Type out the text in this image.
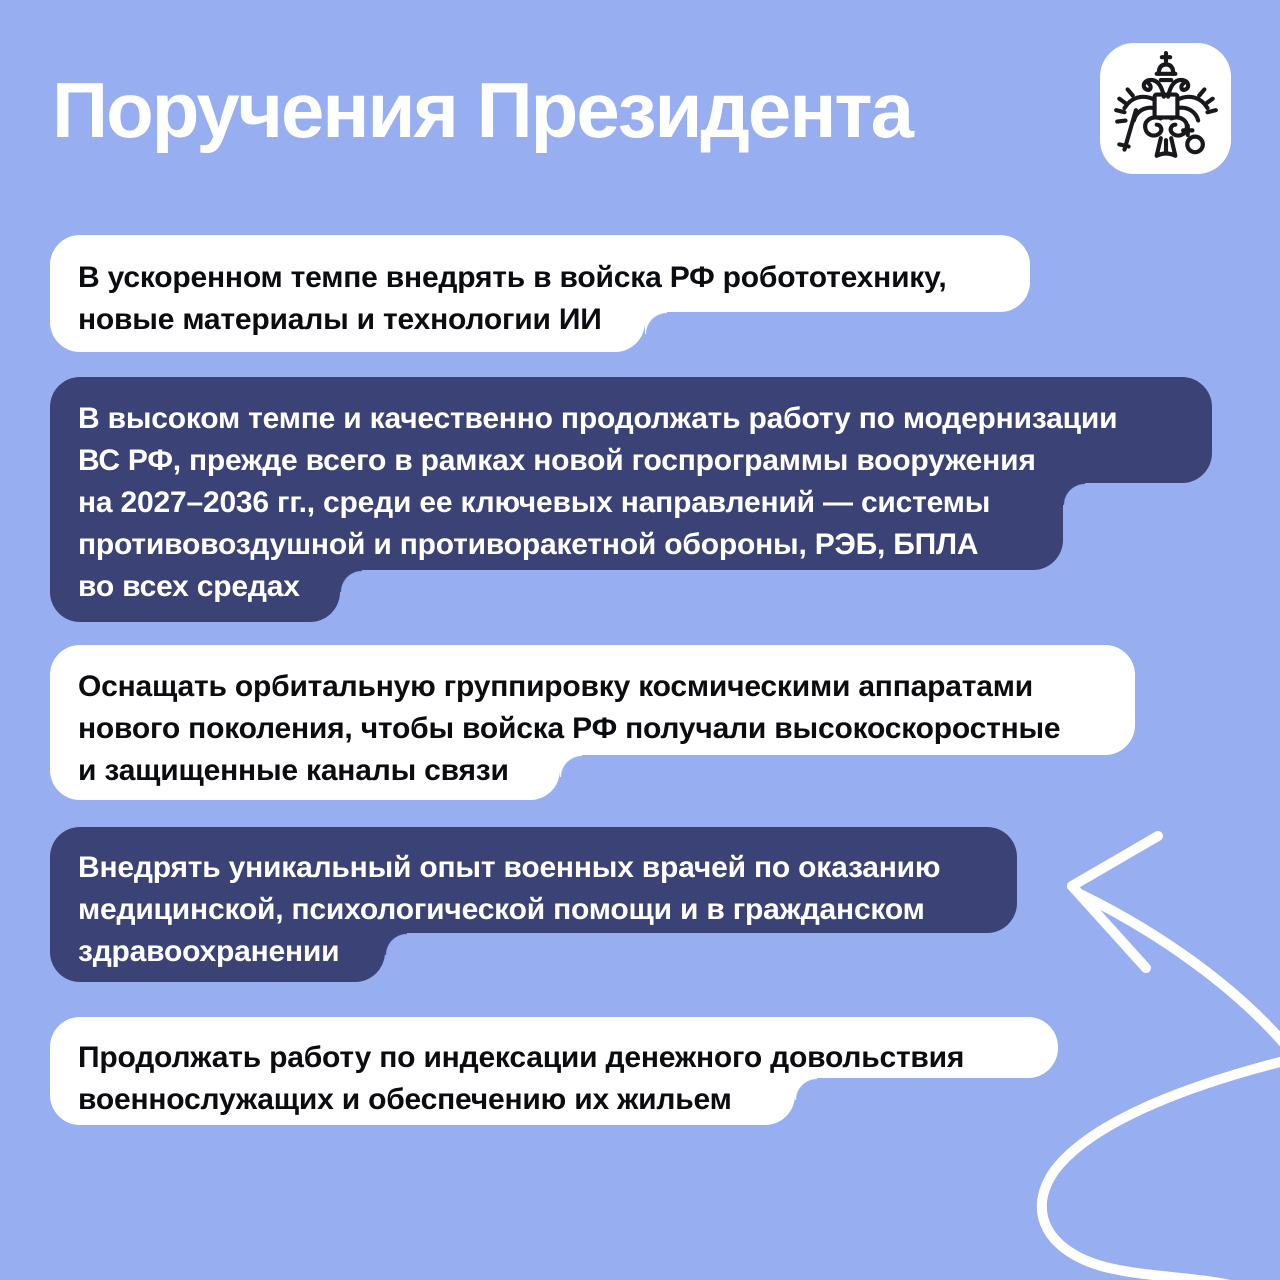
Поручения Президента
В ускоренном темпе внедрять в войска РФ робототехнику,
новые материалы и технологии ИИ
В высоком темпе и качественно продолжать работу по модернизации
ВС РФ, прежде всего в рамках новой госпрограммы вооружения
на 2027–2036 гг., среди ее ключевых направлений — системы
противовоздушной и противоракетной обороны, РЭБ, БПЛА
во всех средах
Оснащать орбитальную группировку космическими аппаратами
нового поколения, чтобы войска РФ получали высокоскоростные
и защищенные каналы связи
Внедрять уникальный опыт военных врачей по оказанию
медицинской, психологической помощи и в гражданском
здравоохранении
Продолжать работу по индексации денежного довольствия
военнослужащих и обеспечению их жильем
